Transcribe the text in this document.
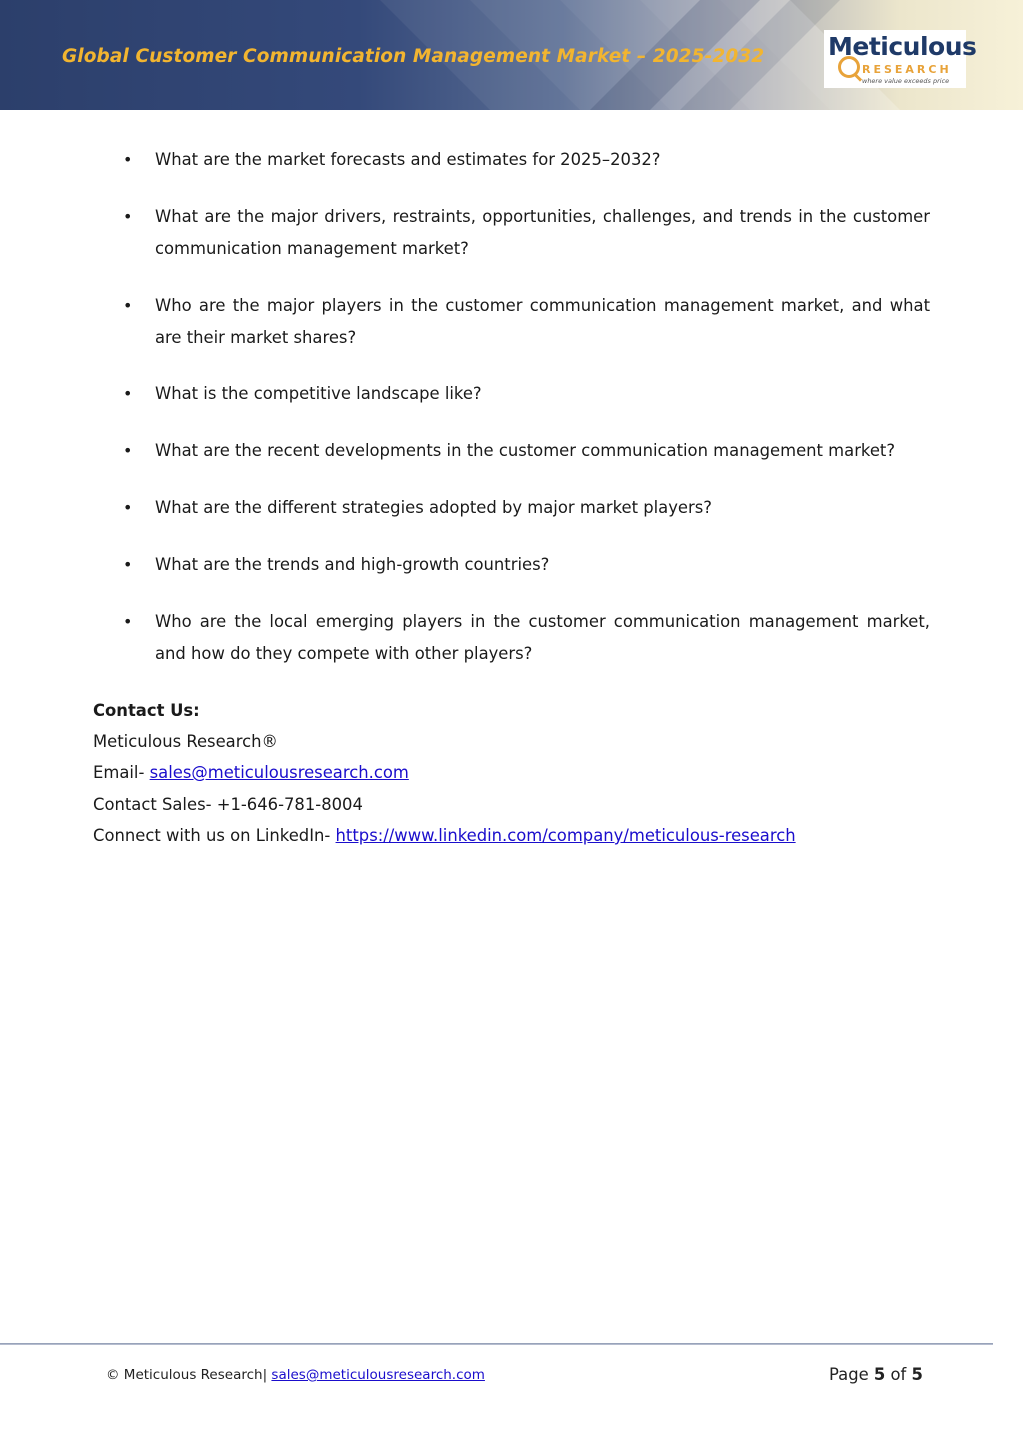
Global Customer Communication Management Market – 2025-2032	Meticulous
RESEARCH
where value exceeds price
• What are the market forecasts and estimates for 2025–2032?
• What are the major drivers, restraints, opportunities, challenges, and trends in the customer communication management market?
• Who are the major players in the customer communication management market, and what are their market shares?
• What is the competitive landscape like?
• What are the recent developments in the customer communication management market?
• What are the different strategies adopted by major market players?
• What are the trends and high-growth countries?
• Who are the local emerging players in the customer communication management market, and how do they compete with other players?
Contact Us:
Meticulous Research®
Email- sales@meticulousresearch.com
Contact Sales- +1-646-781-8004
Connect with us on LinkedIn- https://www.linkedin.com/company/meticulous-research
© Meticulous Research| sales@meticulousresearch.com	Page 5 of 5
